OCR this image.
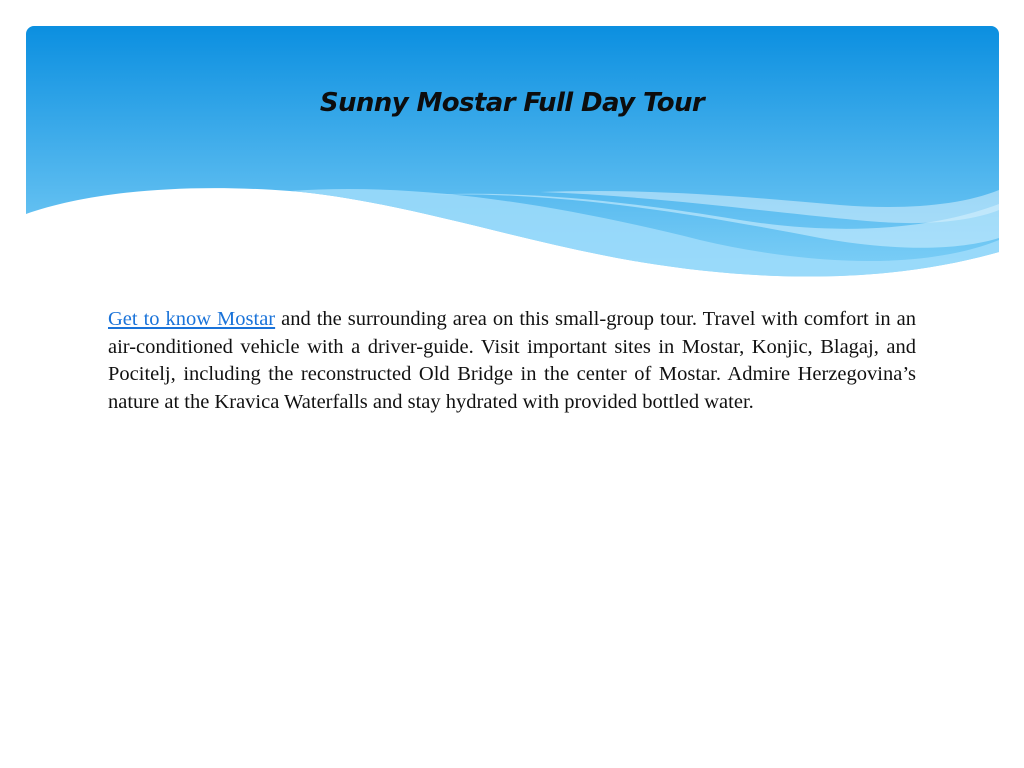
Sunny Mostar Full Day Tour

Get to know Mostar and the surrounding area on this small-group tour. Travel with comfort in an air-conditioned vehicle with a driver-guide. Visit important sites in Mostar, Konjic, Blagaj, and Pocitelj, including the reconstructed Old Bridge in the center of Mostar. Admire Herzegovina’s nature at the Kravica Waterfalls and stay hydrated with provided bottled water.
